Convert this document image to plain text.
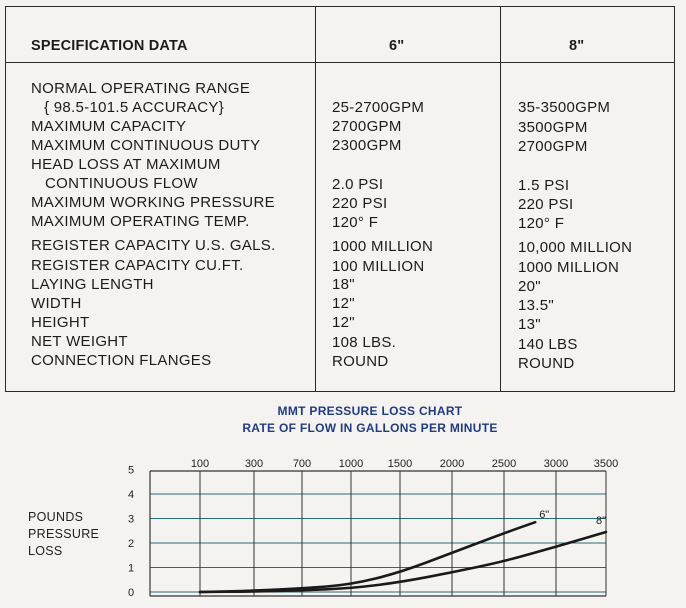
SPECIFICATION DATA	6"	8"
NORMAL OPERATING RANGE
{ 98.5-101.5 ACCURACY}	25-2700GPM	35-3500GPM
MAXIMUM CAPACITY	2700GPM	3500GPM
MAXIMUM CONTINUOUS DUTY	2300GPM	2700GPM
HEAD LOSS AT MAXIMUM
CONTINUOUS FLOW	2.0 PSI	1.5 PSI
MAXIMUM WORKING PRESSURE	220 PSI	220 PSI
MAXIMUM OPERATING TEMP.	120° F	120° F
REGISTER CAPACITY U.S. GALS.	1000 MILLION	10,000 MILLION
REGISTER CAPACITY CU.FT.	100 MILLION	1000 MILLION
LAYING LENGTH	18"	20"
WIDTH	12"	13.5"
HEIGHT	12"	13"
NET WEIGHT	108 LBS.	140 LBS
CONNECTION FLANGES	ROUND	ROUND
MMT PRESSURE LOSS CHART
RATE OF FLOW IN GALLONS PER MINUTE
POUNDS
PRESSURE
LOSS
100	300	700	1000 1500	2000	2500	3000 3500
0
1
2
3
4
5
6"	8"
